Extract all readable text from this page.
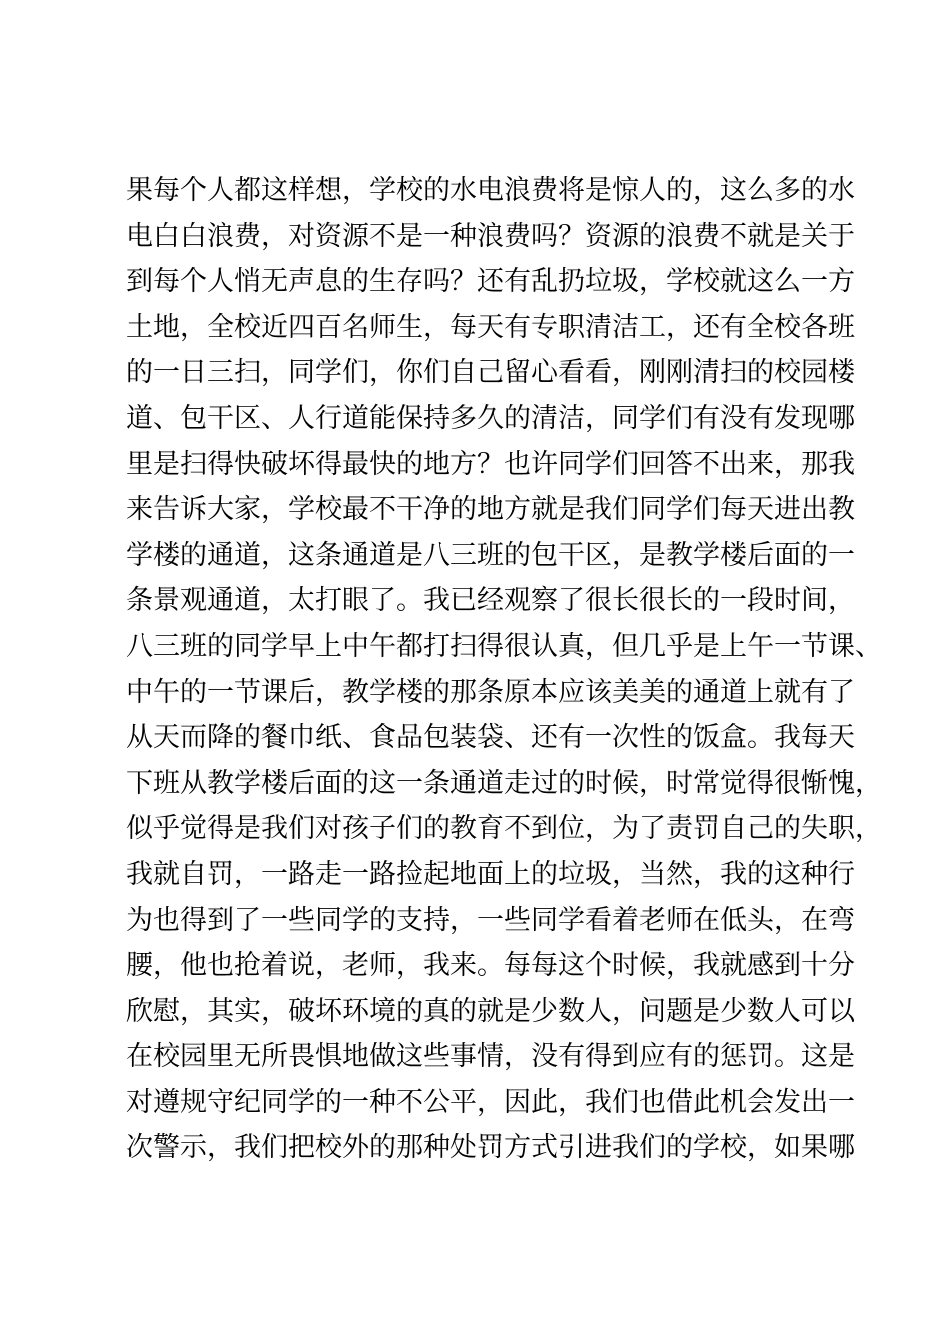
果每个人都这样想，学校的水电浪费将是惊人的，这么多的水
电白白浪费，对资源不是一种浪费吗？资源的浪费不就是关于
到每个人悄无声息的生存吗？还有乱扔垃圾，学校就这么一方
土地，全校近四百名师生，每天有专职清洁工，还有全校各班
的一日三扫，同学们，你们自己留心看看，刚刚清扫的校园楼
道、包干区、人行道能保持多久的清洁，同学们有没有发现哪
里是扫得快破坏得最快的地方？也许同学们回答不出来，那我
来告诉大家，学校最不干净的地方就是我们同学们每天进出教
学楼的通道，这条通道是八三班的包干区，是教学楼后面的一
条景观通道，太打眼了。我已经观察了很长很长的一段时间，
八三班的同学早上中午都打扫得很认真，但几乎是上午一节课、
中午的一节课后，教学楼的那条原本应该美美的通道上就有了
从天而降的餐巾纸、食品包装袋、还有一次性的饭盒。我每天
下班从教学楼后面的这一条通道走过的时候，时常觉得很惭愧，
似乎觉得是我们对孩子们的教育不到位，为了责罚自己的失职，
我就自罚，一路走一路捡起地面上的垃圾，当然，我的这种行
为也得到了一些同学的支持，一些同学看着老师在低头，在弯
腰，他也抢着说，老师，我来。每每这个时候，我就感到十分
欣慰，其实，破坏环境的真的就是少数人，问题是少数人可以
在校园里无所畏惧地做这些事情，没有得到应有的惩罚。这是
对遵规守纪同学的一种不公平，因此，我们也借此机会发出一
次警示，我们把校外的那种处罚方式引进我们的学校，如果哪
